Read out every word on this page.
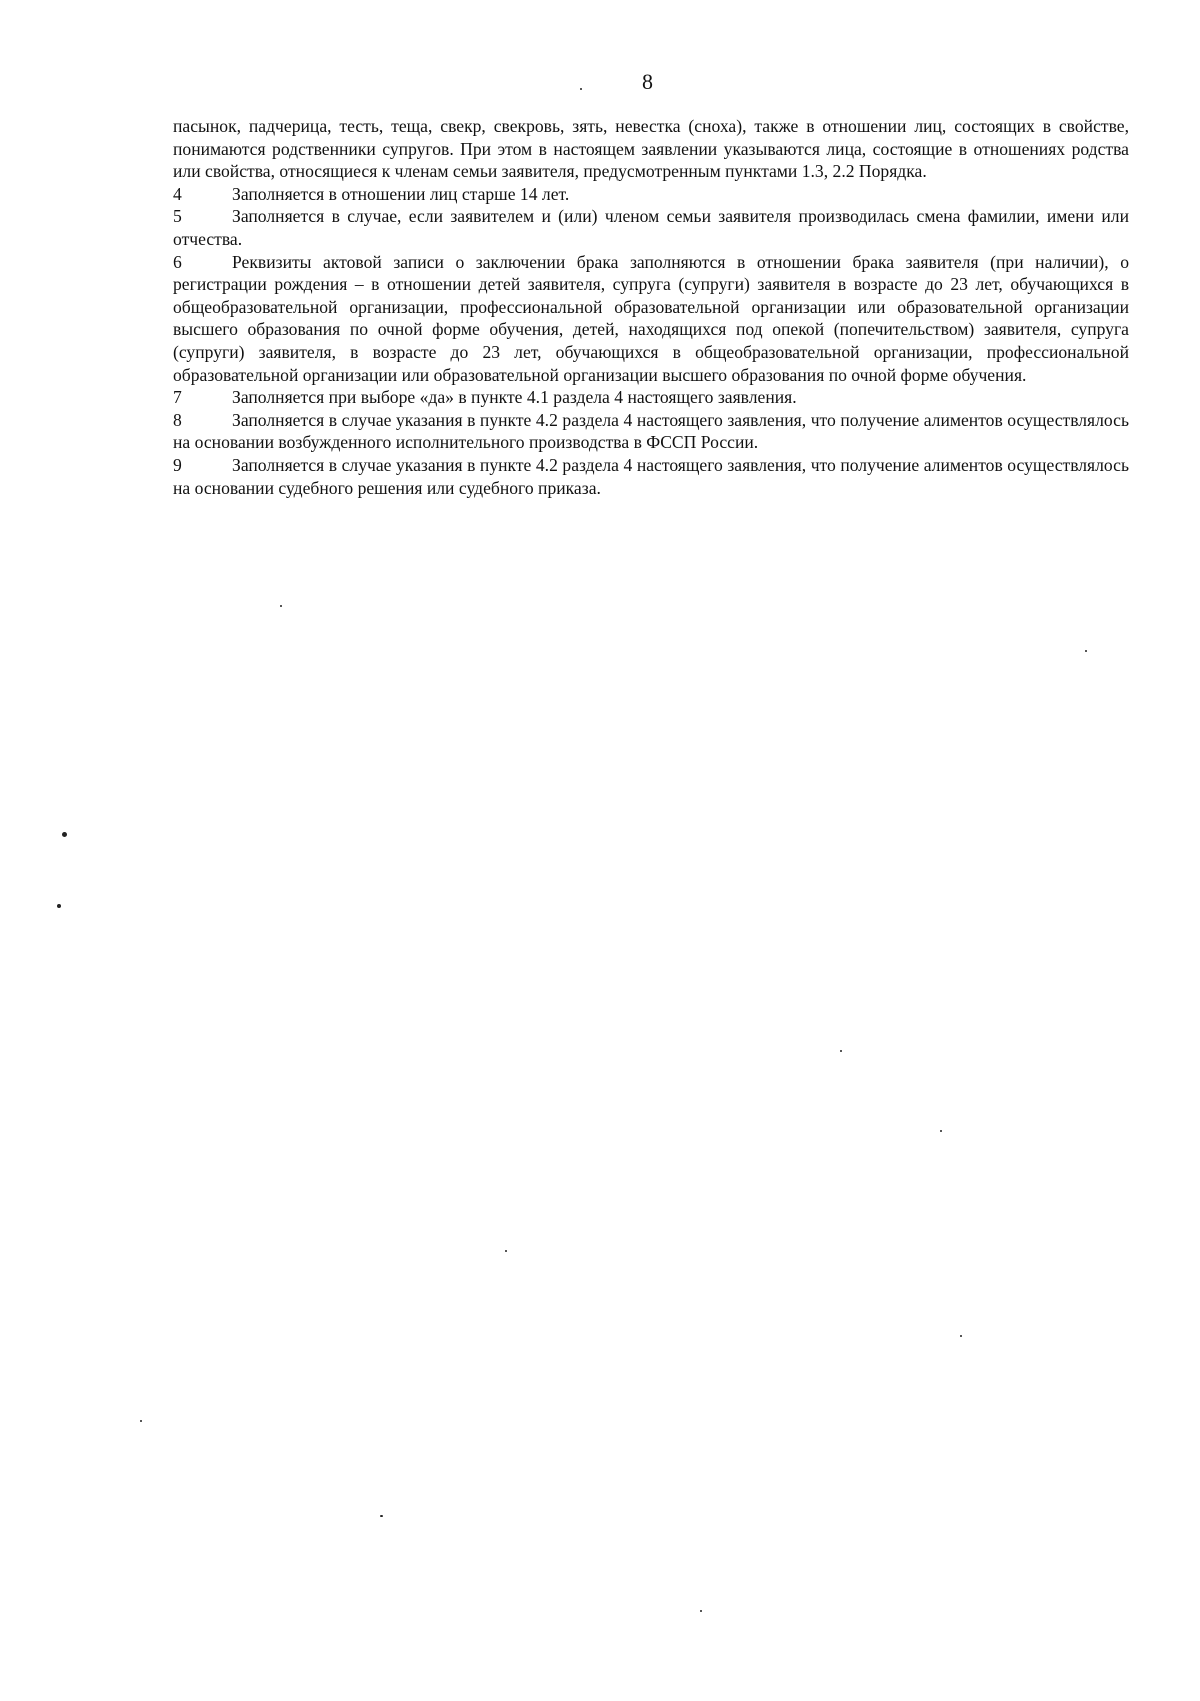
8

пасынок, падчерица, тесть, теща, свекр, свекровь, зять, невестка (сноха), также в отношении лиц, состоящих в свойстве, понимаются родственники супругов. При этом в настоящем заявлении указываются лица, состоящие в отношениях родства или свойства, относящиеся к членам семьи заявителя, предусмотренным пунктами 1.3, 2.2 Порядка.

4	Заполняется в отношении лиц старше 14 лет.

5	Заполняется в случае, если заявителем и (или) членом семьи заявителя производилась смена фамилии, имени или отчества.

6	Реквизиты актовой записи о заключении брака заполняются в отношении брака заявителя (при наличии), о регистрации рождения – в отношении детей заявителя, супруга (супруги) заявителя в возрасте до 23 лет, обучающихся в общеобразовательной организации, профессиональной образовательной организации или образовательной организации высшего образования по очной форме обучения, детей, находящихся под опекой (попечительством) заявителя, супруга (супруги) заявителя, в возрасте до 23 лет, обучающихся в общеобразовательной организации, профессиональной образовательной организации или образовательной организации высшего образования по очной форме обучения.

7	Заполняется при выборе «да» в пункте 4.1 раздела 4 настоящего заявления.

8	Заполняется в случае указания в пункте 4.2 раздела 4 настоящего заявления, что получение алиментов осуществлялось на основании возбужденного исполнительного производства в ФССП России.

9	Заполняется в случае указания в пункте 4.2 раздела 4 настоящего заявления, что получение алиментов осуществлялось на основании судебного решения или судебного приказа.
